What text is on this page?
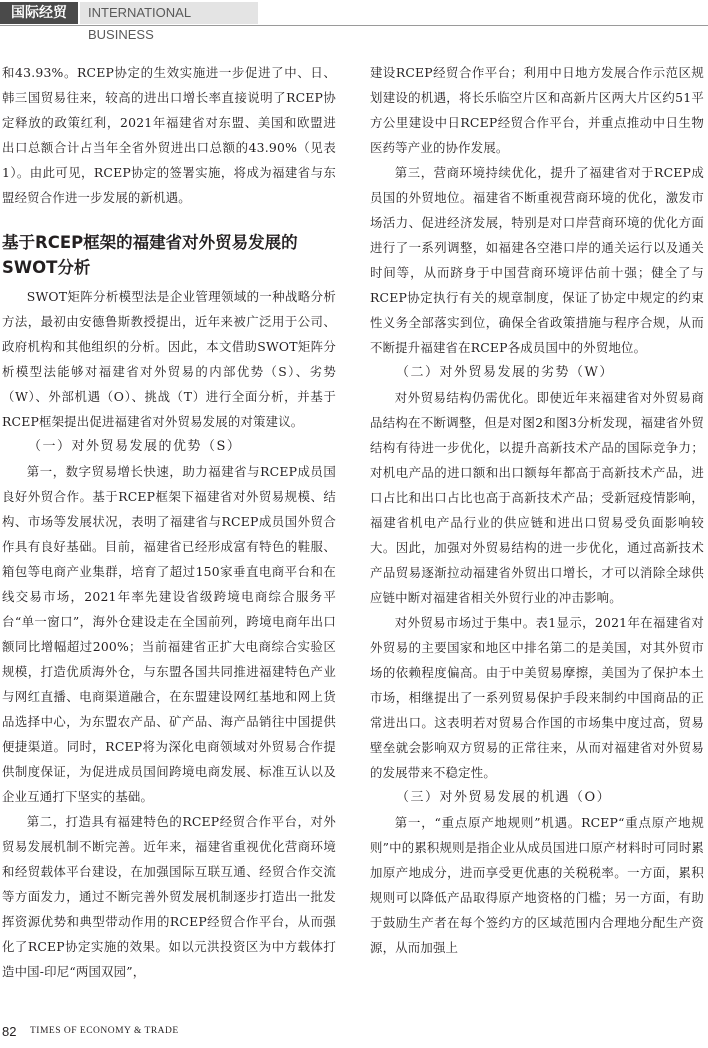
国际经贸	INTERNATIONAL BUSINESS

和43.93%。RCEP协定的生效实施进一步促进了中、日、韩三国贸易往来，较高的进出口增长率直接说明了RCEP协定释放的政策红利，2021年福建省对东盟、美国和欧盟进出口总额合计占当年全省外贸进出口总额的43.90%（见表1）。由此可见，RCEP协定的签署实施，将成为福建省与东盟经贸合作进一步发展的新机遇。

基于RCEP框架的福建省对外贸易发展的SWOT分析

SWOT矩阵分析模型法是企业管理领域的一种战略分析方法，最初由安德鲁斯教授提出，近年来被广泛用于公司、政府机构和其他组织的分析。因此，本文借助SWOT矩阵分析模型法能够对福建省对外贸易的内部优势（S）、劣势（W）、外部机遇（O）、挑战（T）进行全面分析，并基于RCEP框架提出促进福建省对外贸易发展的对策建议。

（一）对外贸易发展的优势（S）

第一，数字贸易增长快速，助力福建省与RCEP成员国良好外贸合作。基于RCEP框架下福建省对外贸易规模、结构、市场等发展状况，表明了福建省与RCEP成员国外贸合作具有良好基础。目前，福建省已经形成富有特色的鞋服、箱包等电商产业集群，培育了超过150家垂直电商平台和在线交易市场，2021年率先建设省级跨境电商综合服务平台“单一窗口”，海外仓建设走在全国前列，跨境电商年出口额同比增幅超过200%；当前福建省正扩大电商综合实验区规模，打造优质海外仓，与东盟各国共同推进福建特色产业与网红直播、电商渠道融合，在东盟建设网红基地和网上货品选择中心，为东盟农产品、矿产品、海产品销往中国提供便捷渠道。同时，RCEP将为深化电商领域对外贸易合作提供制度保证，为促进成员国间跨境电商发展、标准互认以及企业互通打下坚实的基础。

第二，打造具有福建特色的RCEP经贸合作平台，对外贸易发展机制不断完善。近年来，福建省重视优化营商环境和经贸载体平台建设，在加强国际互联互通、经贸合作交流等方面发力，通过不断完善外贸发展机制逐步打造出一批发挥资源优势和典型带动作用的RCEP经贸合作平台，从而强化了RCEP协定实施的效果。如以元洪投资区为中方载体打造中国-印尼“两国双园”，

建设RCEP经贸合作平台；利用中日地方发展合作示范区规划建设的机遇，将长乐临空片区和高新片区两大片区约51平方公里建设中日RCEP经贸合作平台，并重点推动中日生物医药等产业的协作发展。

第三，营商环境持续优化，提升了福建省对于RCEP成员国的外贸地位。福建省不断重视营商环境的优化，激发市场活力、促进经济发展，特别是对口岸营商环境的优化方面进行了一系列调整，如福建各空港口岸的通关运行以及通关时间等，从而跻身于中国营商环境评估前十强；健全了与RCEP协定执行有关的规章制度，保证了协定中规定的约束性义务全部落实到位，确保全省政策措施与程序合规，从而不断提升福建省在RCEP各成员国中的外贸地位。

（二）对外贸易发展的劣势（W）

对外贸易结构仍需优化。即使近年来福建省对外贸易商品结构在不断调整，但是对图2和图3分析发现，福建省外贸结构有待进一步优化，以提升高新技术产品的国际竞争力；对机电产品的进口额和出口额每年都高于高新技术产品，进口占比和出口占比也高于高新技术产品；受新冠疫情影响，福建省机电产品行业的供应链和进出口贸易受负面影响较大。因此，加强对外贸易结构的进一步优化，通过高新技术产品贸易逐渐拉动福建省外贸出口增长，才可以消除全球供应链中断对福建省相关外贸行业的冲击影响。

对外贸易市场过于集中。表1显示，2021年在福建省对外贸易的主要国家和地区中排名第二的是美国，对其外贸市场的依赖程度偏高。由于中美贸易摩擦，美国为了保护本土市场，相继提出了一系列贸易保护手段来制约中国商品的正常进出口。这表明若对贸易合作国的市场集中度过高，贸易壁垒就会影响双方贸易的正常往来，从而对福建省对外贸易的发展带来不稳定性。

（三）对外贸易发展的机遇（O）

第一，“重点原产地规则”机遇。RCEP“重点原产地规则”中的累积规则是指企业从成员国进口原产材料时可同时累加原产地成分，进而享受更优惠的关税税率。一方面，累积规则可以降低产品取得原产地资格的门槛；另一方面，有助于鼓励生产者在每个签约方的区域范围内合理地分配生产资源，从而加强上

82 TIMES OF ECONOMY & TRADE
